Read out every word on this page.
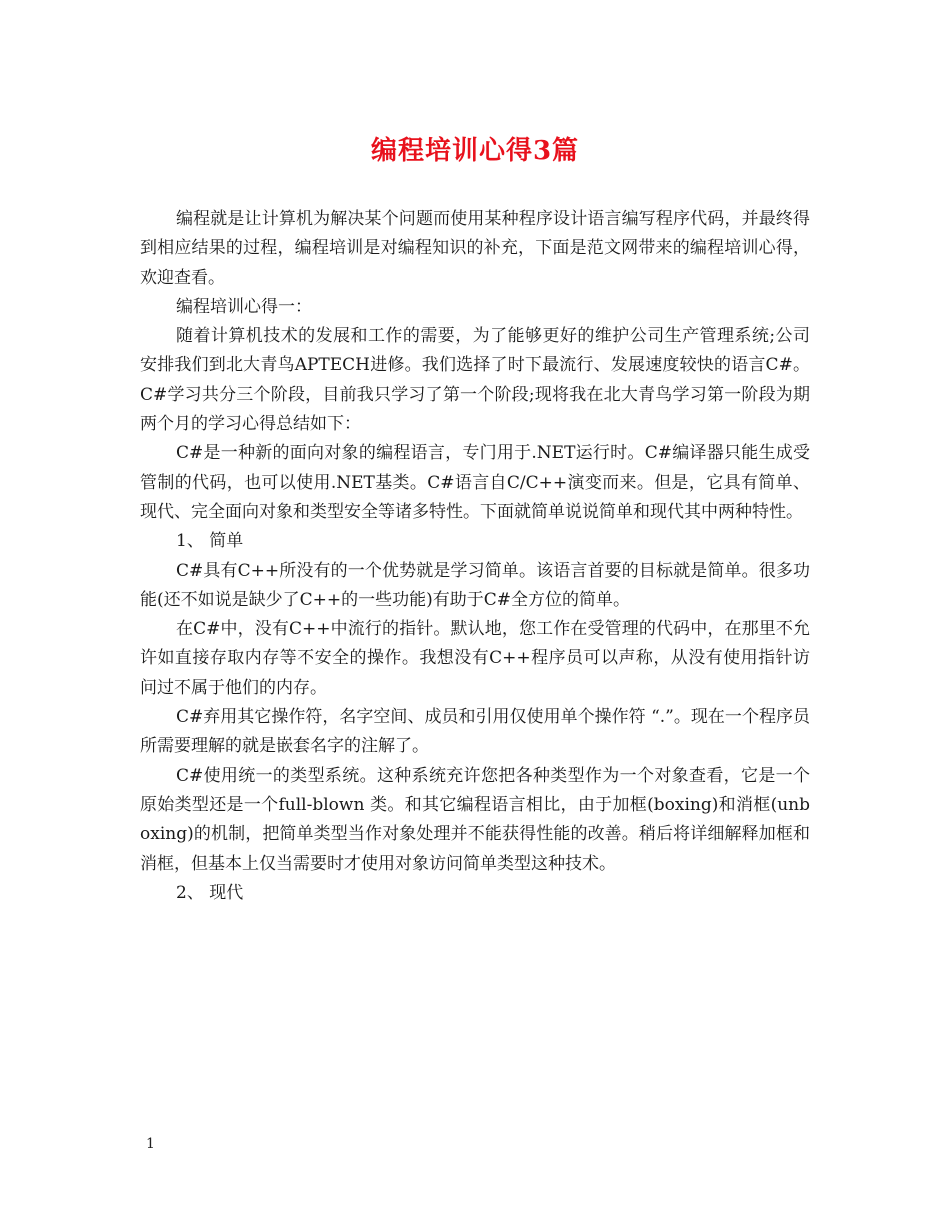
编程培训心得3篇

编程就是让计算机为解决某个问题而使用某种程序设计语言编写程序代码，并最终得到相应结果的过程，编程培训是对编程知识的补充，下面是范文网带来的编程培训心得，欢迎查看。

编程培训心得一：

随着计算机技术的发展和工作的需要，为了能够更好的维护公司生产管理系统;公司安排我们到北大青鸟APTECH进修。我们选择了时下最流行、发展速度较快的语言C#。C#学习共分三个阶段，目前我只学习了第一个阶段;现将我在北大青鸟学习第一阶段为期两个月的学习心得总结如下：

C#是一种新的面向对象的编程语言，专门用于.NET运行时。C#编译器只能生成受管制的代码，也可以使用.NET基类。C#语言自C/C++演变而来。但是，它具有简单、现代、完全面向对象和类型安全等诸多特性。下面就简单说说简单和现代其中两种特性。

1、 简单

C#具有C++所没有的一个优势就是学习简单。该语言首要的目标就是简单。很多功能(还不如说是缺少了C++的一些功能)有助于C#全方位的简单。

在C#中，没有C++中流行的指针。默认地，您工作在受管理的代码中，在那里不允许如直接存取内存等不安全的操作。我想没有C++程序员可以声称，从没有使用指针访问过不属于他们的内存。

C#弃用其它操作符，名字空间、成员和引用仅使用单个操作符 “.”。现在一个程序员所需要理解的就是嵌套名字的注解了。

C#使用统一的类型系统。这种系统充许您把各种类型作为一个对象查看，它是一个原始类型还是一个full-blown 类。和其它编程语言相比，由于加框(boxing)和消框(unboxing)的机制，把简单类型当作对象处理并不能获得性能的改善。稍后将详细解释加框和消框，但基本上仅当需要时才使用对象访问简单类型这种技术。

2、 现代

1
